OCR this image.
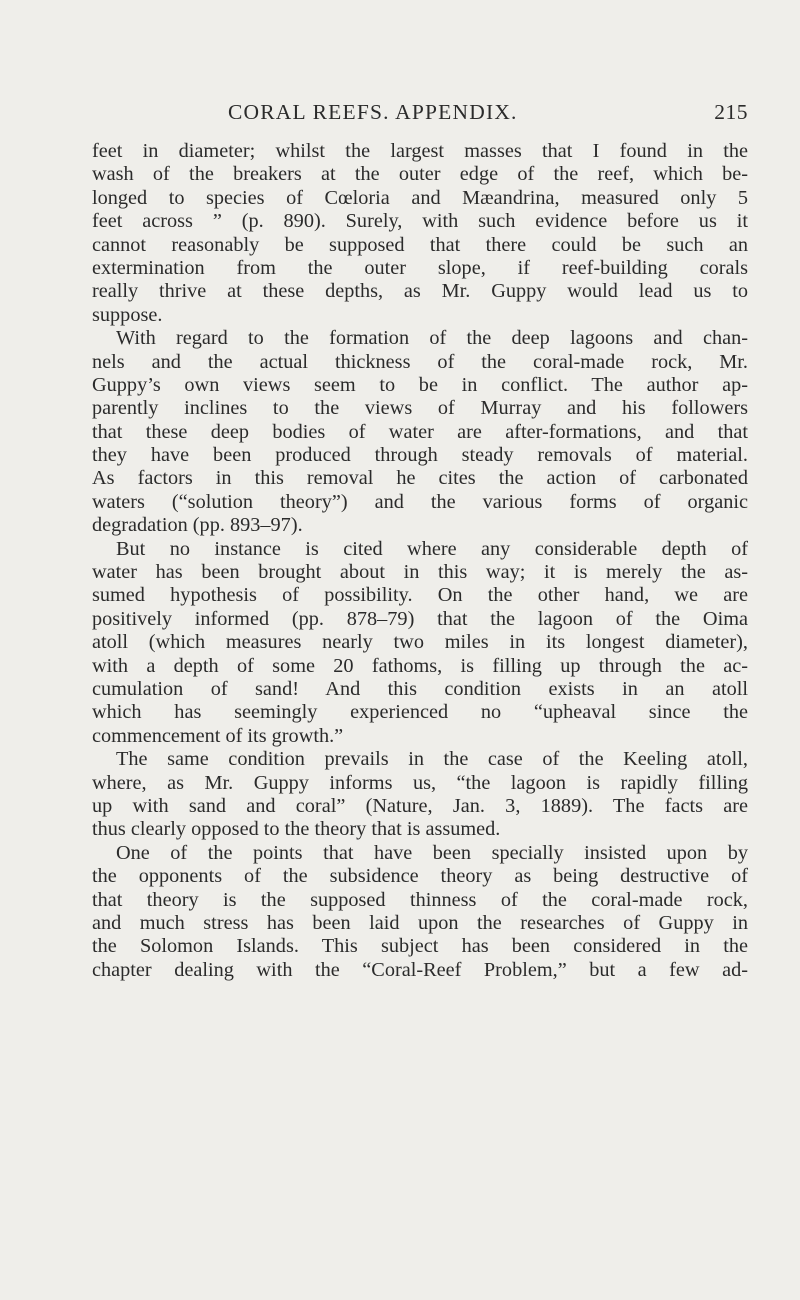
CORAL REEFS. APPENDIX.	215
feet in diameter; whilst the largest masses that I found in the
wash of the breakers at the outer edge of the reef, which be-
longed to species of Cœloria and Mæandrina, measured only 5
feet across ” (p. 890). Surely, with such evidence before us it
cannot reasonably be supposed that there could be such an
extermination from the outer slope, if reef-building corals
really thrive at these depths, as Mr. Guppy would lead us to
suppose.
With regard to the formation of the deep lagoons and chan-
nels and the actual thickness of the coral-made rock, Mr.
Guppy’s own views seem to be in conflict. The author ap-
parently inclines to the views of Murray and his followers
that these deep bodies of water are after-formations, and that
they have been produced through steady removals of material.
As factors in this removal he cites the action of carbonated
waters (“solution theory”) and the various forms of organic
degradation (pp. 893–97).
But no instance is cited where any considerable depth of
water has been brought about in this way; it is merely the as-
sumed hypothesis of possibility. On the other hand, we are
positively informed (pp. 878–79) that the lagoon of the Oima
atoll (which measures nearly two miles in its longest diameter),
with a depth of some 20 fathoms, is filling up through the ac-
cumulation of sand! And this condition exists in an atoll
which has seemingly experienced no “upheaval since the
commencement of its growth.”
The same condition prevails in the case of the Keeling atoll,
where, as Mr. Guppy informs us, “the lagoon is rapidly filling
up with sand and coral” (Nature, Jan. 3, 1889). The facts are
thus clearly opposed to the theory that is assumed.
One of the points that have been specially insisted upon by
the opponents of the subsidence theory as being destructive of
that theory is the supposed thinness of the coral-made rock,
and much stress has been laid upon the researches of Guppy in
the Solomon Islands. This subject has been considered in the
chapter dealing with the “Coral-Reef Problem,” but a few ad-
